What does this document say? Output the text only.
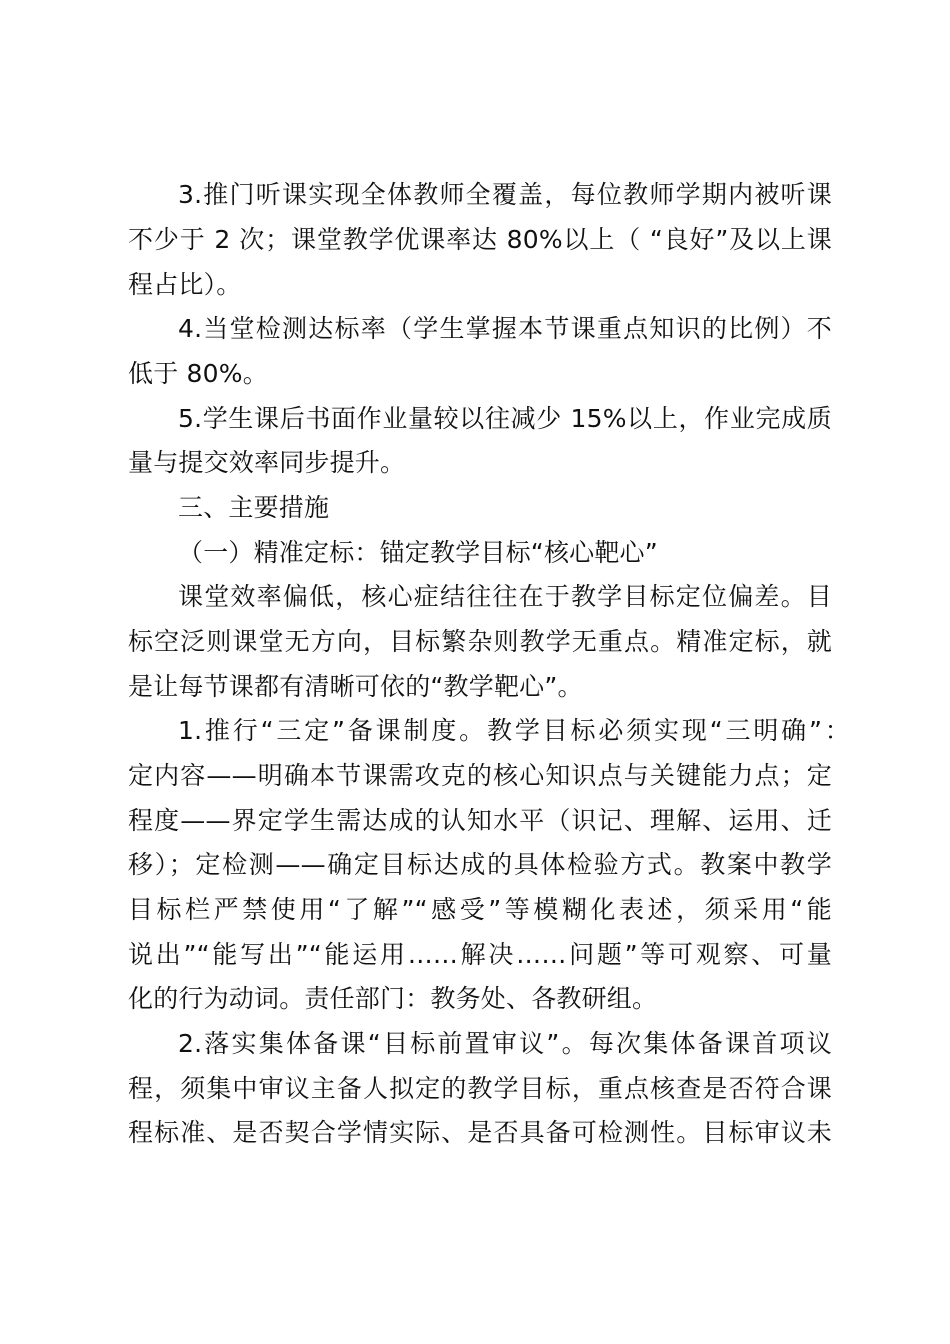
3.推门听课实现全体教师全覆盖，每位教师学期内被听课
不少于 2 次；课堂教学优课率达 80%以上（ “良好”及以上课
程占比）。
4.当堂检测达标率（学生掌握本节课重点知识的比例）不
低于 80%。
5.学生课后书面作业量较以往减少 15%以上，作业完成质
量与提交效率同步提升。
三、主要措施
（一）精准定标：锚定教学目标“核心靶心”
课堂效率偏低，核心症结往往在于教学目标定位偏差。目
标空泛则课堂无方向，目标繁杂则教学无重点。精准定标，就
是让每节课都有清晰可依的“教学靶心”。
1.推行“三定”备课制度。教学目标必须实现“三明确”：
定内容——明确本节课需攻克的核心知识点与关键能力点；定
程度——界定学生需达成的认知水平（识记、理解、运用、迁
移）；定检测——确定目标达成的具体检验方式。教案中教学
目标栏严禁使用“了解”“感受”等模糊化表述，须采用“能
说出”“能写出”“能运用……解决……问题”等可观察、可量
化的行为动词。责任部门：教务处、各教研组。
2.落实集体备课“目标前置审议”。每次集体备课首项议
程，须集中审议主备人拟定的教学目标，重点核查是否符合课
程标准、是否契合学情实际、是否具备可检测性。目标审议未
